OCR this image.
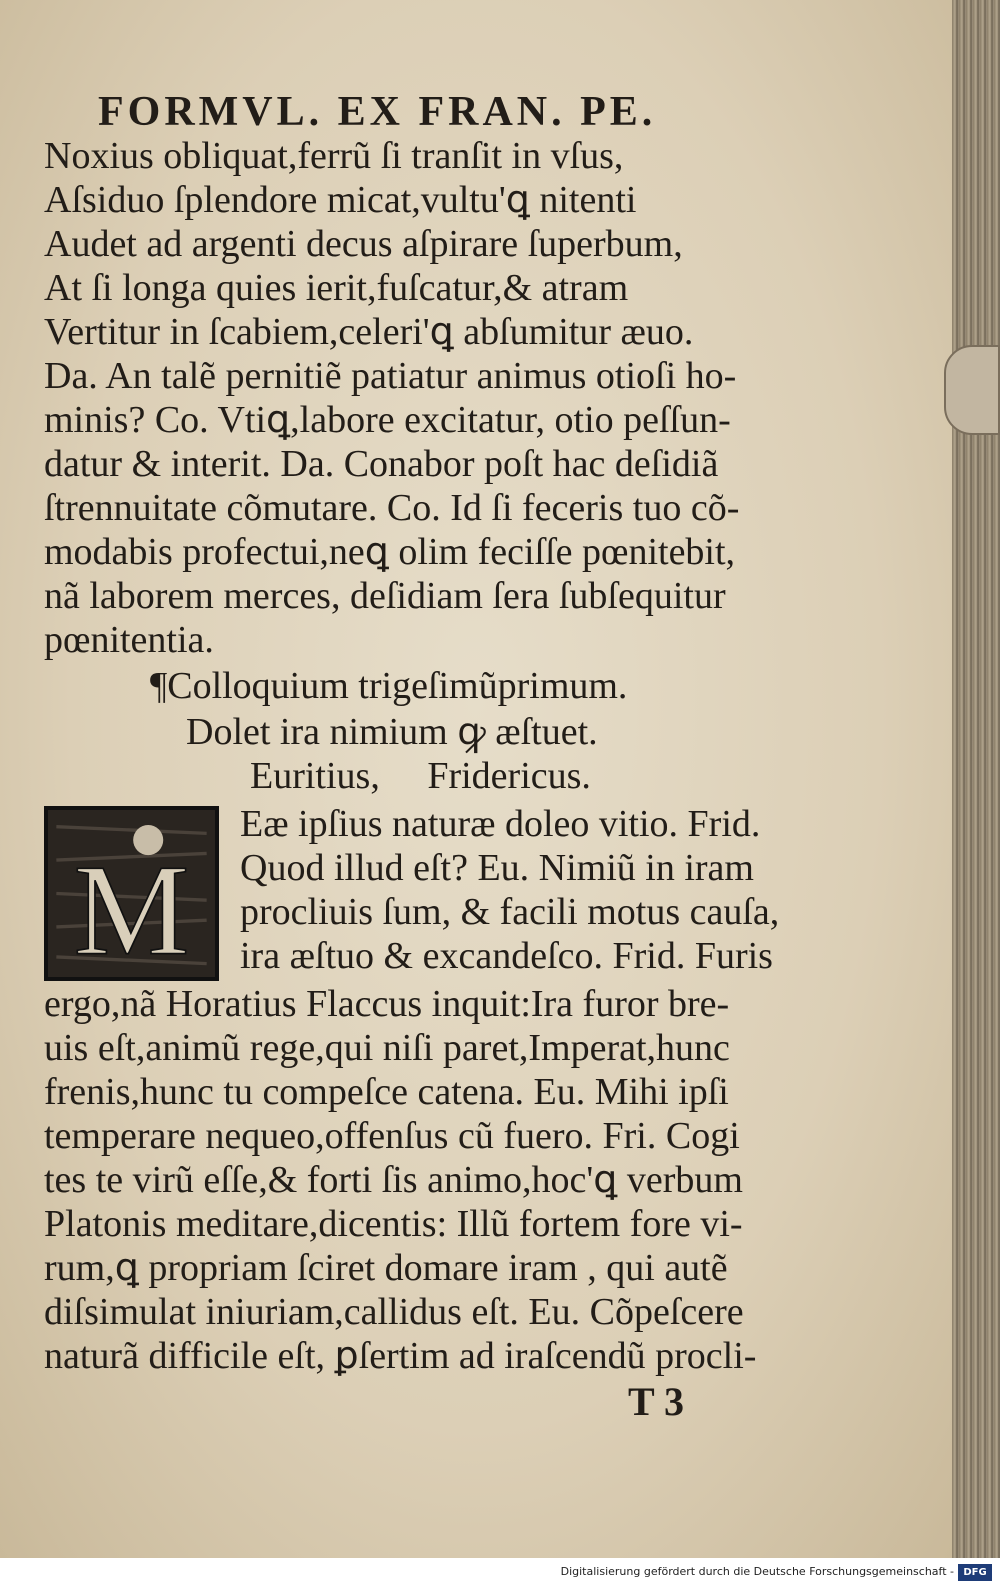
FORMVL. EX FRAN. PE.
Noxius obliquat,ferrũ ſi tranſit in vſus,
Aſsiduo ſplendore micat,vultu'ꝗ nitenti
Audet ad argenti decus aſpirare ſuperbum,
At ſi longa quies ierit,fuſcatur,& atram
Vertitur in ſcabiem,celeri'ꝗ abſumitur æuo.
Da. An talẽ pernitiẽ patiatur animus otioſi ho-
minis? Co. Vtiꝗ,labore excitatur, otio peſſun-
datur & interit. Da. Conabor poſt hac deſidiã
ſtrennuitate cõmutare. Co. Id ſi feceris tuo cõ-
modabis profectui,neꝗ olim feciſſe pœnitebit,
nã laborem merces, deſidiam ſera ſubſequitur
pœnitentia.
¶Colloquium trigeſimũprimum.
Dolet ira nimium ꝙ æſtuet.
Euritius,     Fridericus.
M
Eæ ipſius naturæ doleo vitio. Frid.
Quod illud eſt? Eu. Nimiũ in iram
procliuis ſum, & facili motus cauſa,
ira æſtuo & excandeſco. Frid. Furis
ergo,nã Horatius Flaccus inquit:Ira furor bre-
uis eſt,animũ rege,qui niſi paret,Imperat,hunc
frenis,hunc tu compeſce catena. Eu. Mihi ipſi
temperare nequeo,offenſus cũ fuero. Fri. Cogi
tes te virũ eſſe,& forti ſis animo,hoc'ꝗ verbum
Platonis meditare,dicentis: Illũ fortem fore vi-
rum,ꝗ propriam ſciret domare iram , qui autẽ
diſsimulat iniuriam,callidus eſt. Eu. Cõpeſcere
naturã difficile eſt, ꝑſertim ad iraſcendũ procli-
T 3
Digitalisierung gefördert durch die Deutsche Forschungsgemeinschaft - DFG
